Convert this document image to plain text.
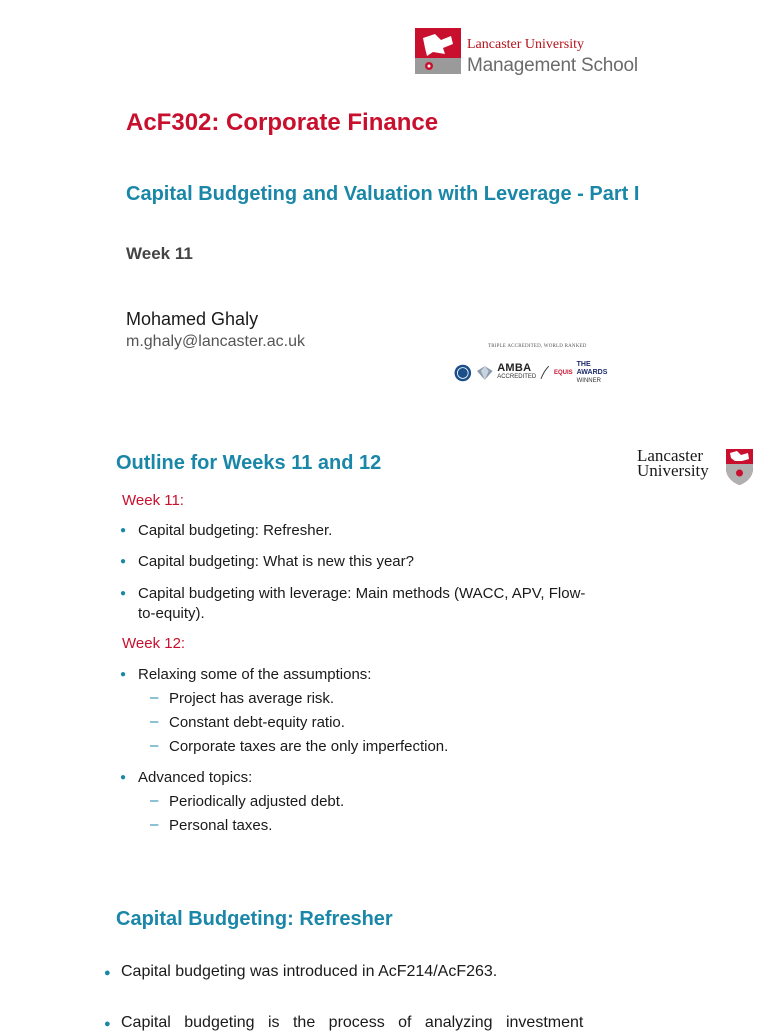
Lancaster University
Management School
AcF302: Corporate Finance
Capital Budgeting and Valuation with Leverage - Part I
Week 11
Mohamed Ghaly
m.ghaly@lancaster.ac.uk	TRIPLE ACCREDITED, WORLD RANKED
AMBA
ACCREDITED
EQUIS
THE AWARDS
WINNER
Outline for Weeks 11 and 12	Lancaster
University
Week 11:
● Capital budgeting: Refresher.
● Capital budgeting: What is new this year?
● Capital budgeting with leverage: Main methods (WACC, APV, Flow-
to-equity).
Week 12:
● Relaxing some of the assumptions:
– Project has average risk.
– Constant debt-equity ratio.
– Corporate taxes are the only imperfection.
● Advanced topics:
– Periodically adjusted debt.
– Personal taxes.
Capital Budgeting: Refresher
● Capital budgeting was introduced in AcF214/AcF263.
● Capital budgeting is the process of analyzing investment
